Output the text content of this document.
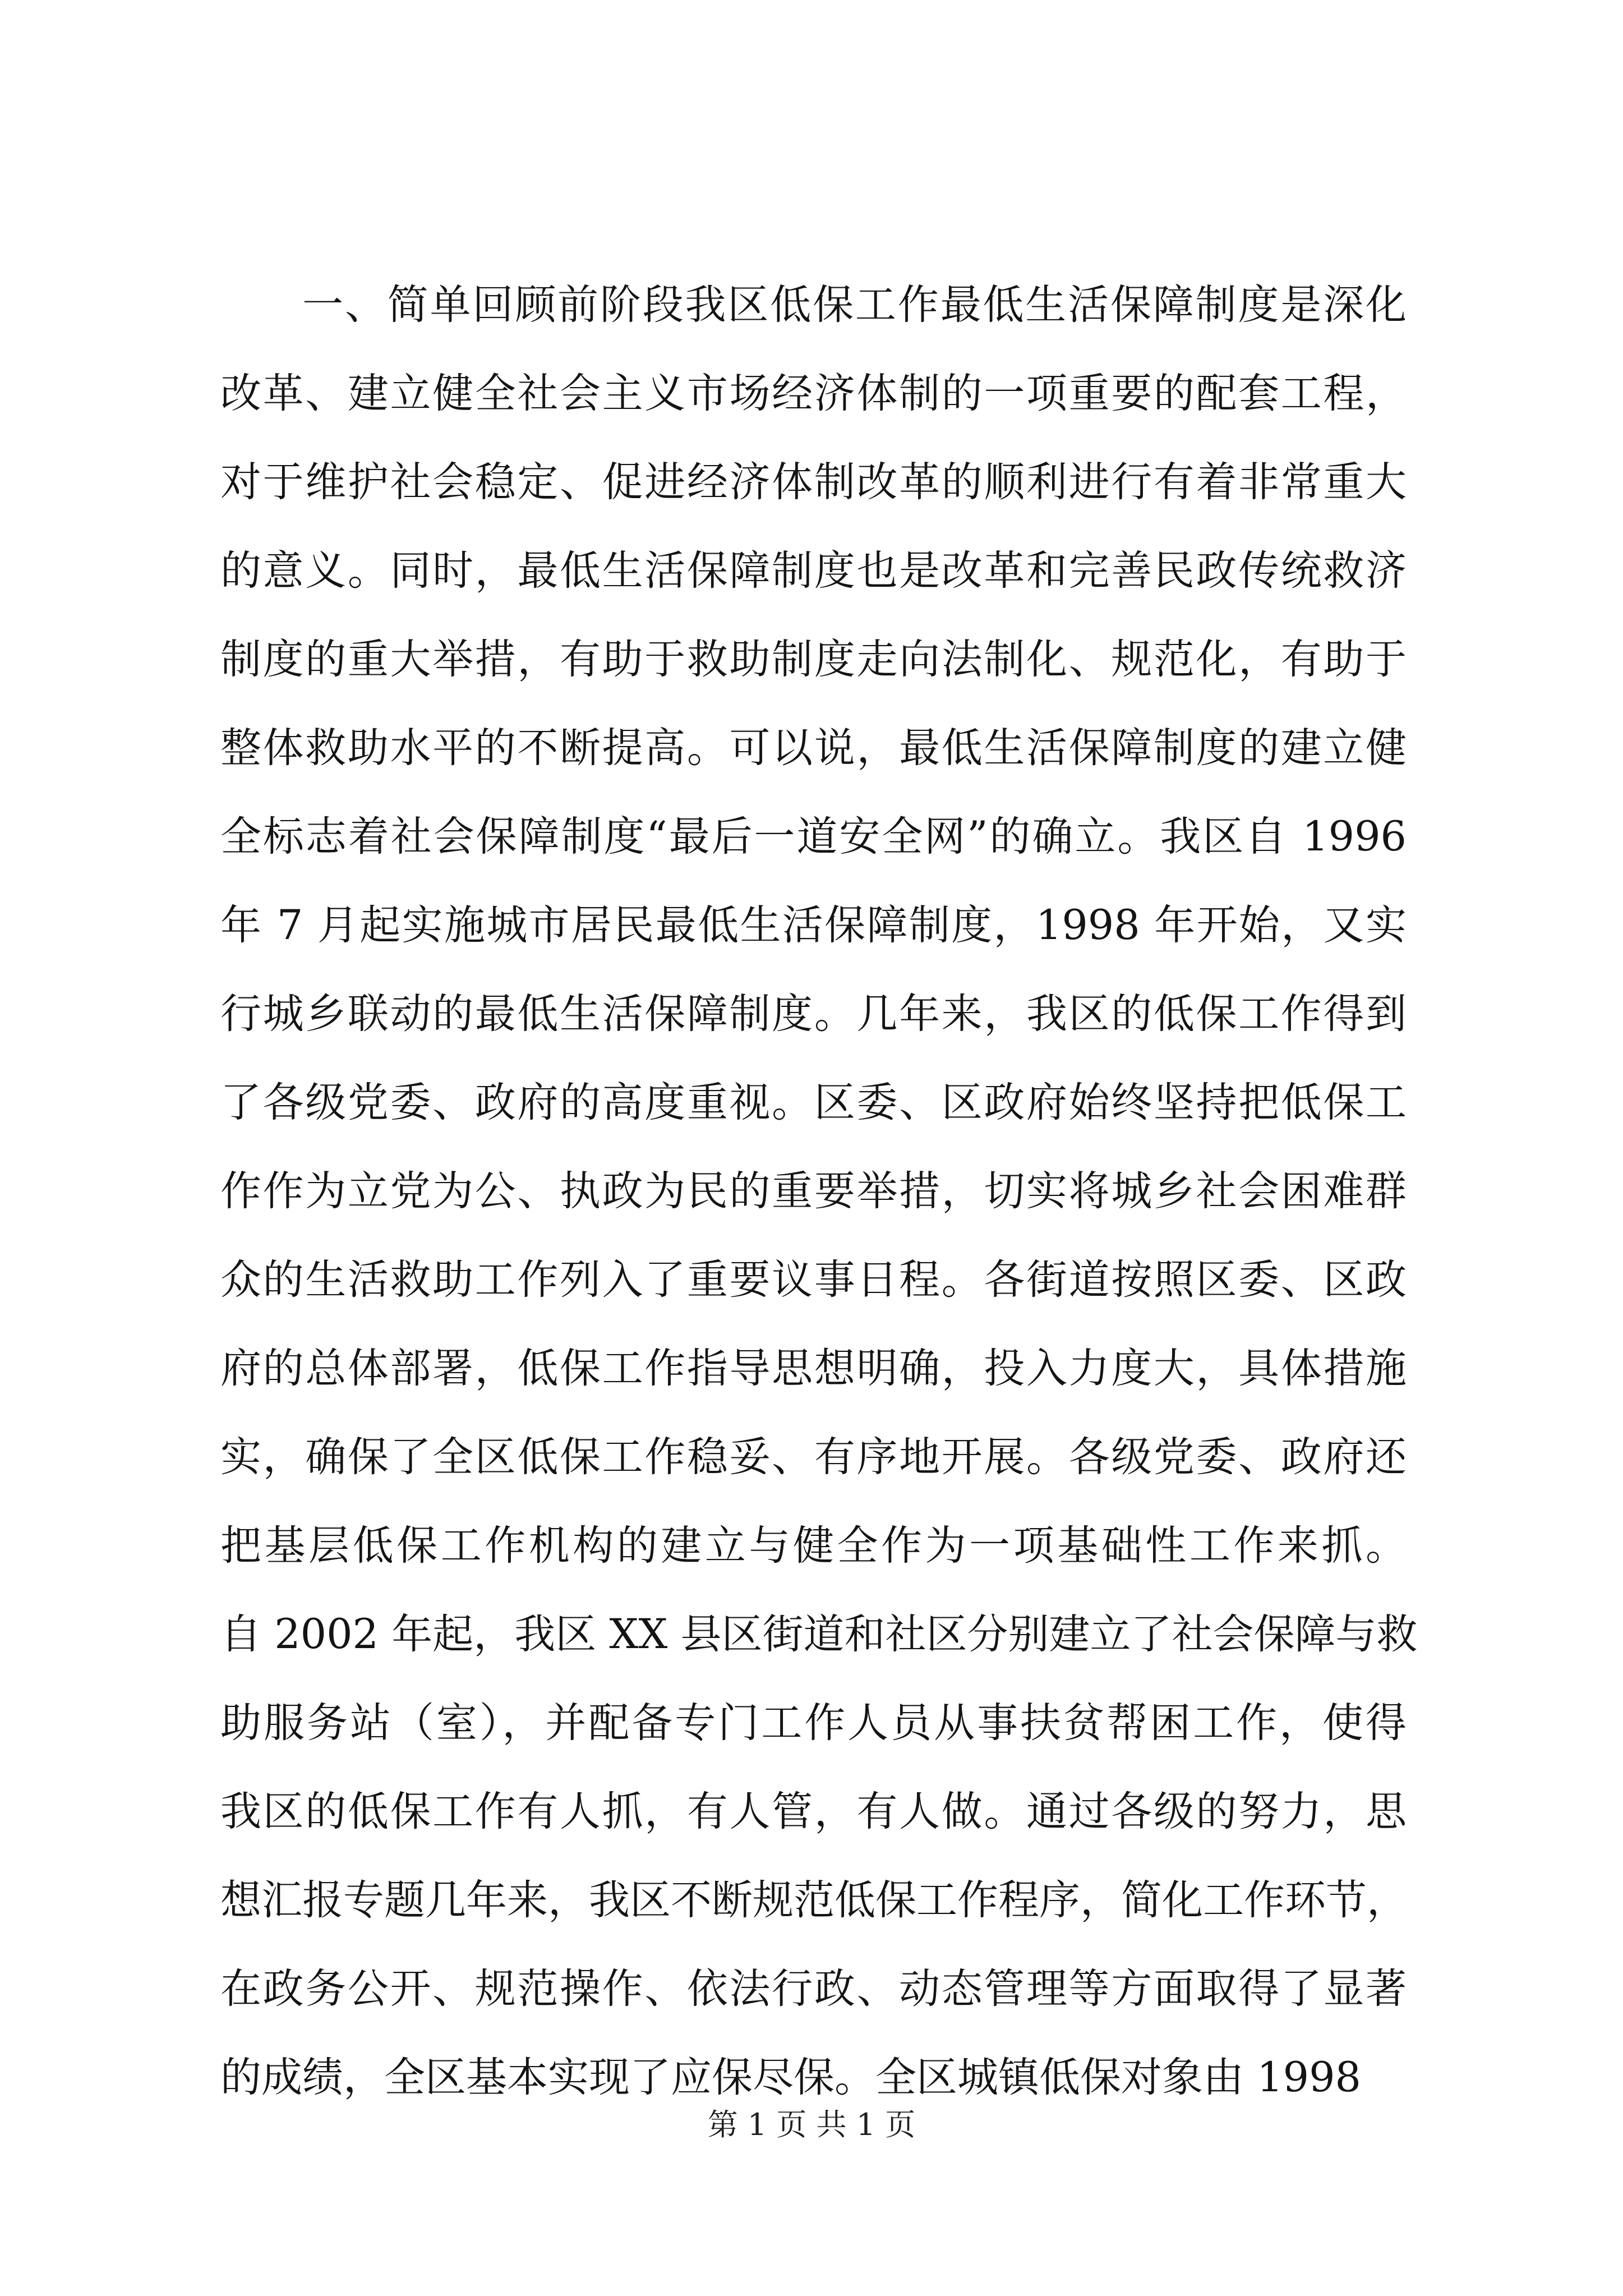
一、简单回顾前阶段我区低保工作最低生活保障制度是深化
改革、建立健全社会主义市场经济体制的一项重要的配套工程，
对于维护社会稳定、促进经济体制改革的顺利进行有着非常重大
的意义。同时，最低生活保障制度也是改革和完善民政传统救济
制度的重大举措，有助于救助制度走向法制化、规范化，有助于
整体救助水平的不断提高。可以说，最低生活保障制度的建立健
全标志着社会保障制度“最后一道安全网”的确立。我区自 1996
年 7 月起实施城市居民最低生活保障制度，1998 年开始，又实
行城乡联动的最低生活保障制度。几年来，我区的低保工作得到
了各级党委、政府的高度重视。区委、区政府始终坚持把低保工
作作为立党为公、执政为民的重要举措，切实将城乡社会困难群
众的生活救助工作列入了重要议事日程。各街道按照区委、区政
府的总体部署，低保工作指导思想明确，投入力度大，具体措施
实，确保了全区低保工作稳妥、有序地开展。各级党委、政府还
把基层低保工作机构的建立与健全作为一项基础性工作来抓。
自 2002 年起，我区 XX 县区街道和社区分别建立了社会保障与救
助服务站（室），并配备专门工作人员从事扶贫帮困工作，使得
我区的低保工作有人抓，有人管，有人做。通过各级的努力，思
想汇报专题几年来，我区不断规范低保工作程序，简化工作环节，
在政务公开、规范操作、依法行政、动态管理等方面取得了显著
的成绩，全区基本实现了应保尽保。全区城镇低保对象由 1998
第 1 页 共 1 页
